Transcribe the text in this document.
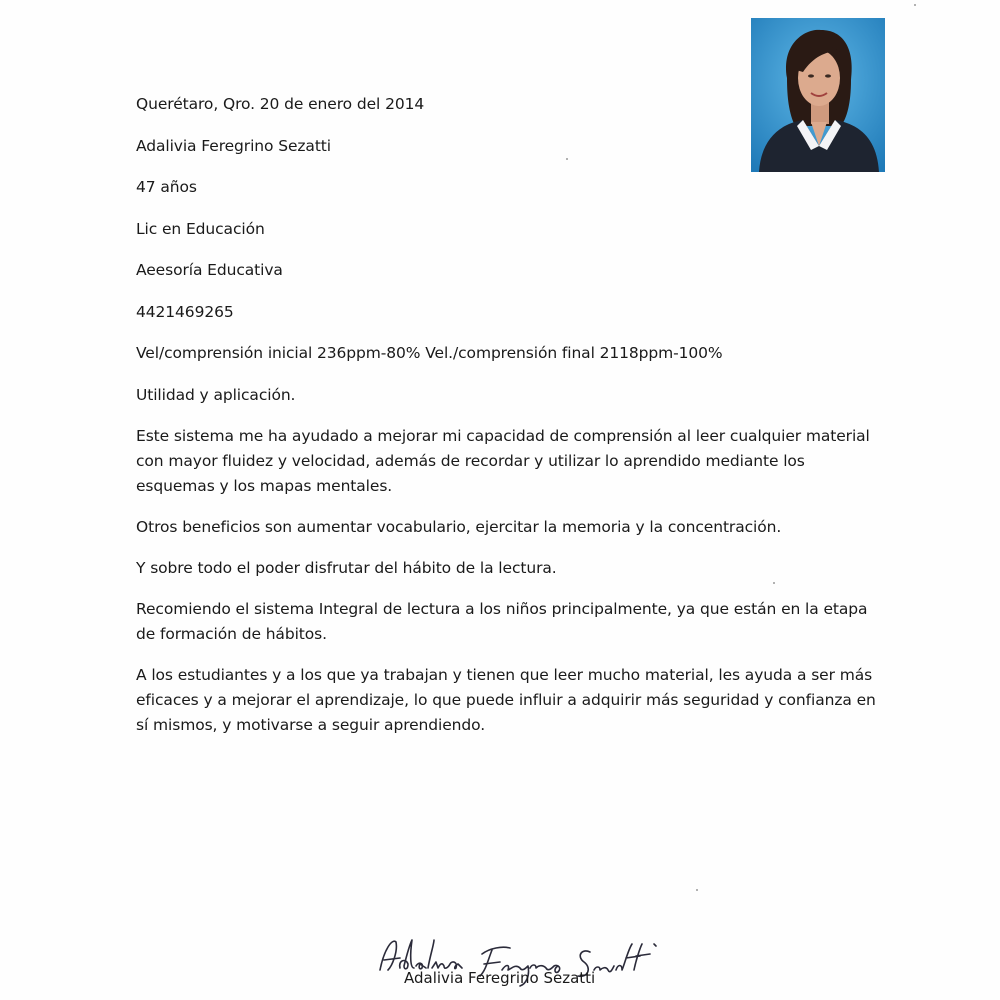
Querétaro, Qro. 20 de enero del 2014
Adalivia Feregrino Sezatti
47 años
Lic en Educación
Aeesoría Educativa
4421469265
Vel/comprensión inicial 236ppm-80% Vel./comprensión final 2118ppm-100%
Utilidad y aplicación.
Este sistema me ha ayudado a mejorar mi capacidad de comprensión al leer cualquier material con mayor fluidez y velocidad, además de recordar y utilizar lo aprendido mediante los esquemas y los mapas mentales.
Otros beneficios son aumentar vocabulario, ejercitar la memoria y la concentración.
Y sobre todo el poder disfrutar del hábito de la lectura.
Recomiendo el sistema Integral de lectura a los niños principalmente, ya que están en la etapa de formación de hábitos.
A los estudiantes y a los que ya trabajan y tienen que leer mucho material, les ayuda a ser más eficaces y a mejorar el aprendizaje, lo que puede influir a adquirir más seguridad y confianza en sí mismos, y motivarse a seguir aprendiendo.
Adalivia Feregrino Sezatti
